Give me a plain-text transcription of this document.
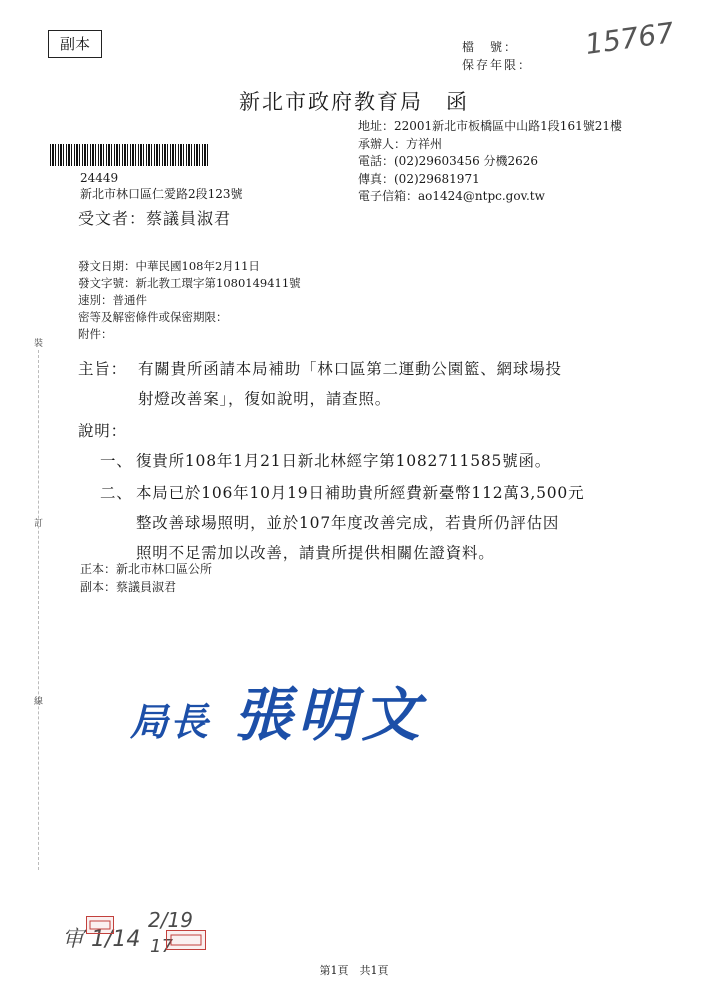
副本	檔　號：
保存年限：
15767
新北市政府教育局　函
地址：22001新北市板橋區中山路1段161號21樓
承辦人：方祥州
電話：(02)29603456 分機2626
傳真：(02)29681971
電子信箱：ao1424@ntpc.gov.tw
24449
新北市林口區仁愛路2段123號
受文者：蔡議員淑君
發文日期：中華民國108年2月11日
發文字號：新北教工環字第1080149411號
速別：普通件
密等及解密條件或保密期限：
附件：
裝
訂
線
主旨： 有關貴所函請本局補助「林口區第二運動公園籃、網球場投
射燈改善案」，復如說明，請查照。
說明：
一、 復貴所108年1月21日新北林經字第1082711585號函。
二、 本局已於106年10月19日補助貴所經費新臺幣112萬3,500元
整改善球場照明，並於107年度改善完成，若貴所仍評估因
照明不足需加以改善，請貴所提供相關佐證資料。
正本：新北市林口區公所
副本：蔡議員淑君
局長 張明文
审 1/14
2/19
17
第1頁　共1頁
